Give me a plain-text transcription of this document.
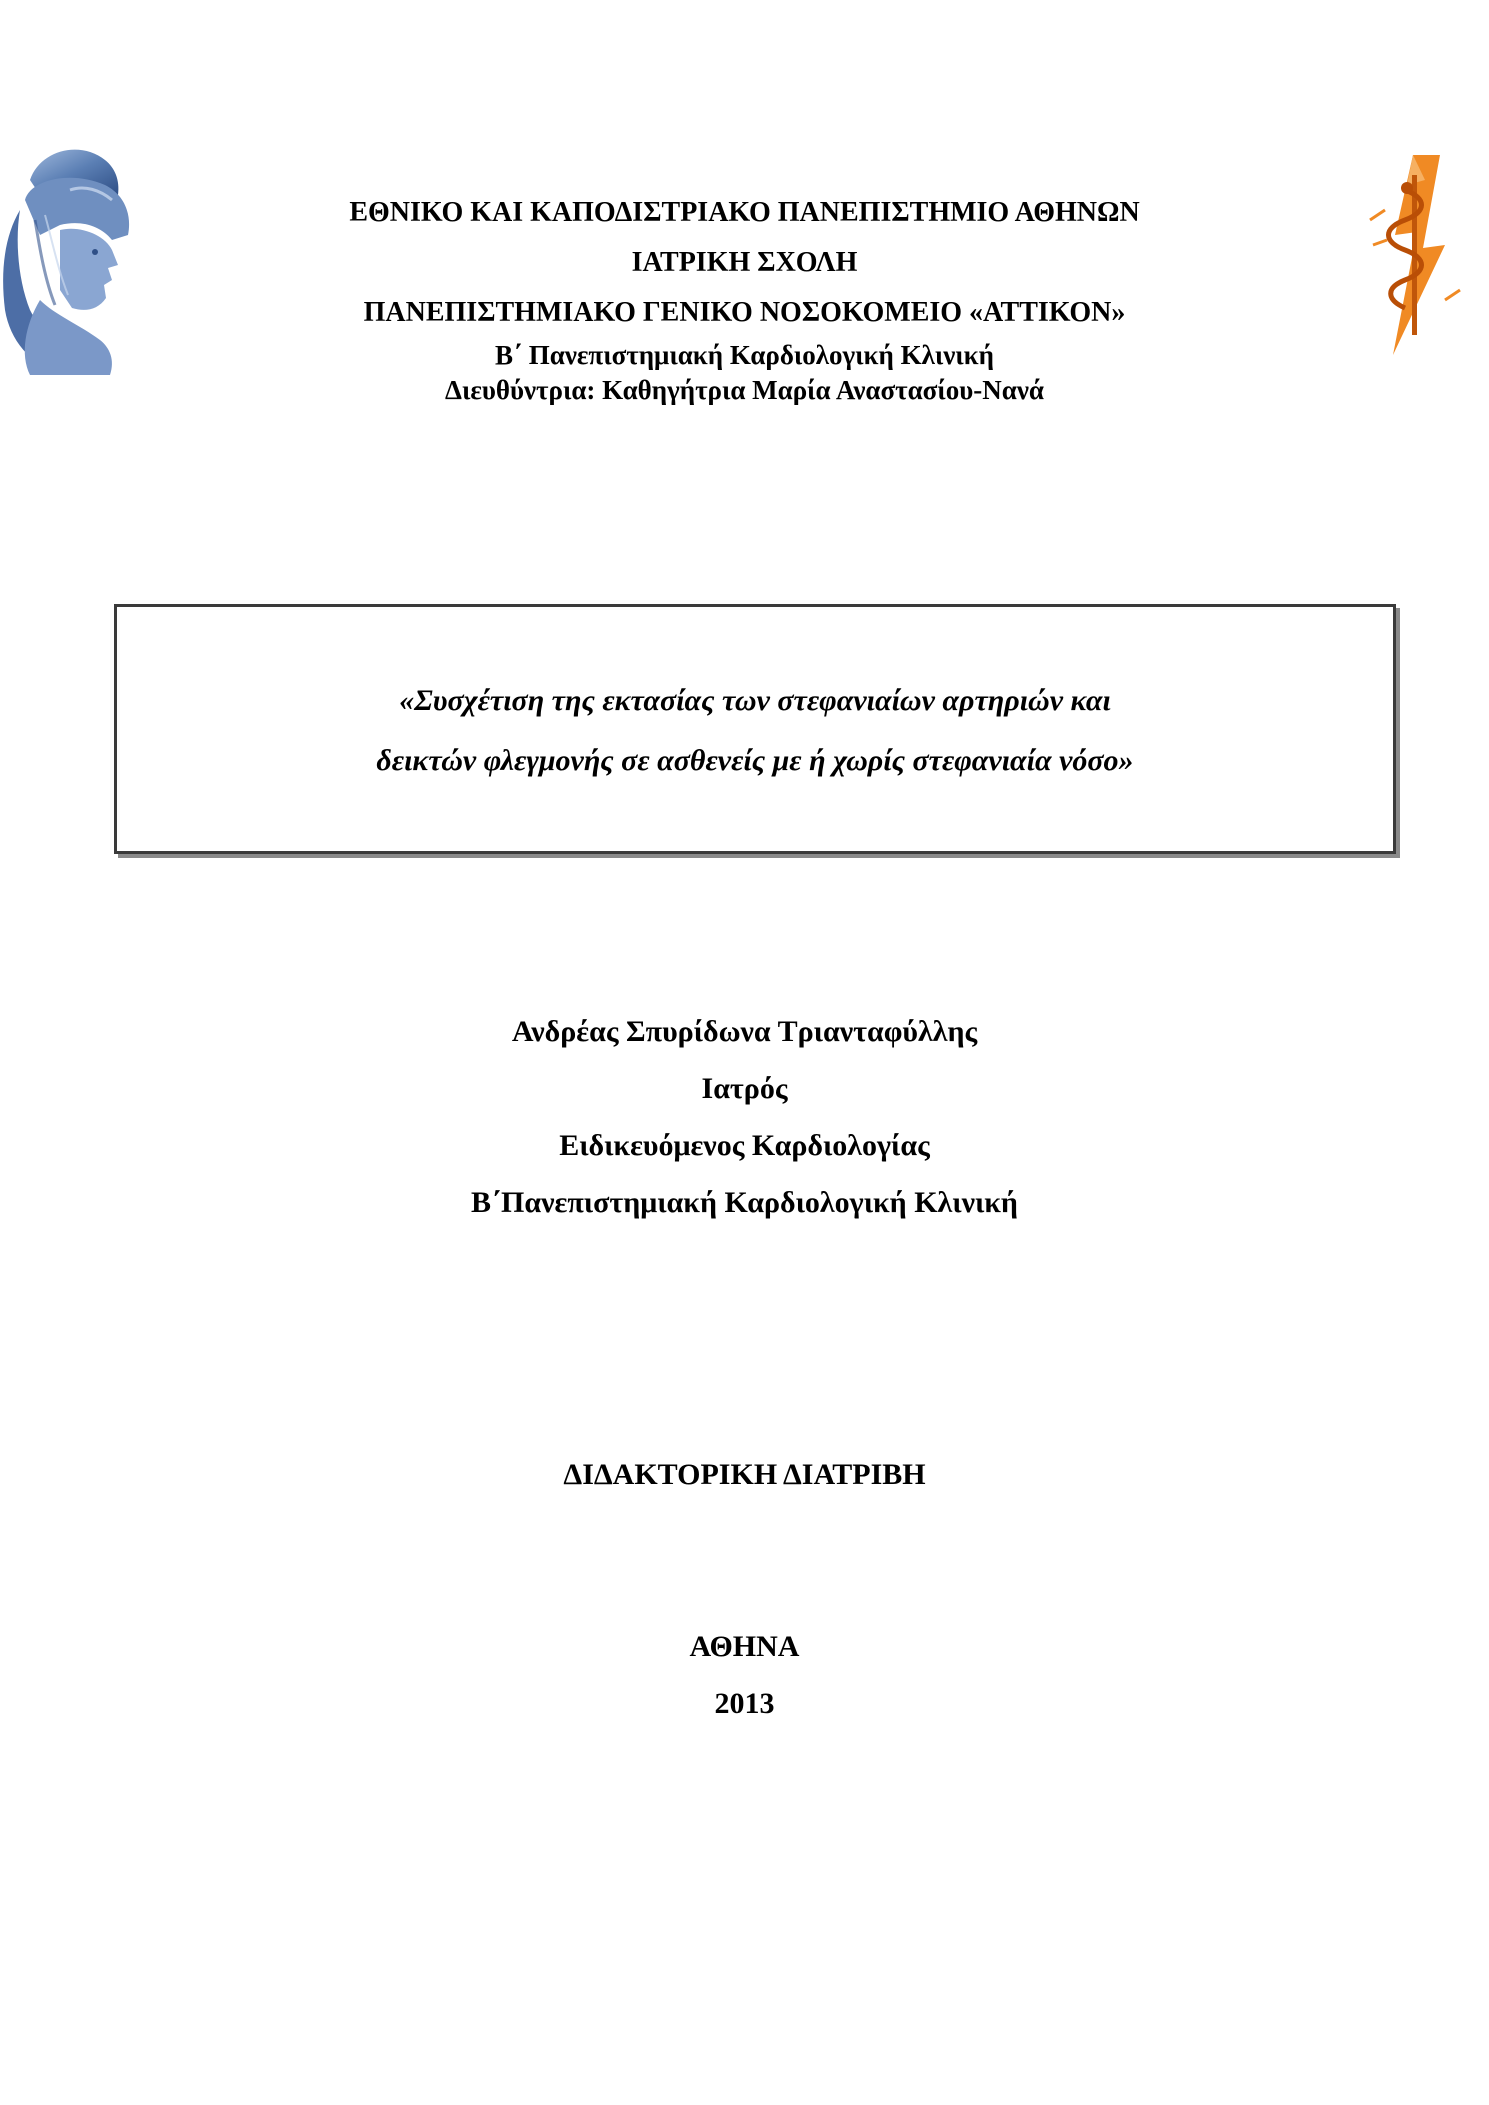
ΕΘΝΙΚΟ ΚΑΙ ΚΑΠΟΔΙΣΤΡΙΑΚΟ ΠΑΝΕΠΙΣΤΗΜΙΟ ΑΘΗΝΩΝ
ΙΑΤΡΙΚΗ ΣΧΟΛΗ
ΠΑΝΕΠΙΣΤΗΜΙΑΚΟ ΓΕΝΙΚΟ ΝΟΣΟΚΟΜΕΙΟ «ΑΤΤΙΚΟΝ»
Β΄ Πανεπιστημιακή Καρδιολογική Κλινική
Διευθύντρια: Καθηγήτρια Μαρία Αναστασίου-Νανά
«Συσχέτιση της εκτασίας των στεφανιαίων αρτηριών και
δεικτών φλεγμονής σε ασθενείς με ή χωρίς στεφανιαία νόσο»
Ανδρέας Σπυρίδωνα Τριανταφύλλης
Ιατρός
Ειδικευόμενος Καρδιολογίας
Β΄Πανεπιστημιακή Καρδιολογική Κλινική
ΔΙΔΑΚΤΟΡΙΚΗ ΔΙΑΤΡΙΒΗ
ΑΘΗΝΑ
2013
